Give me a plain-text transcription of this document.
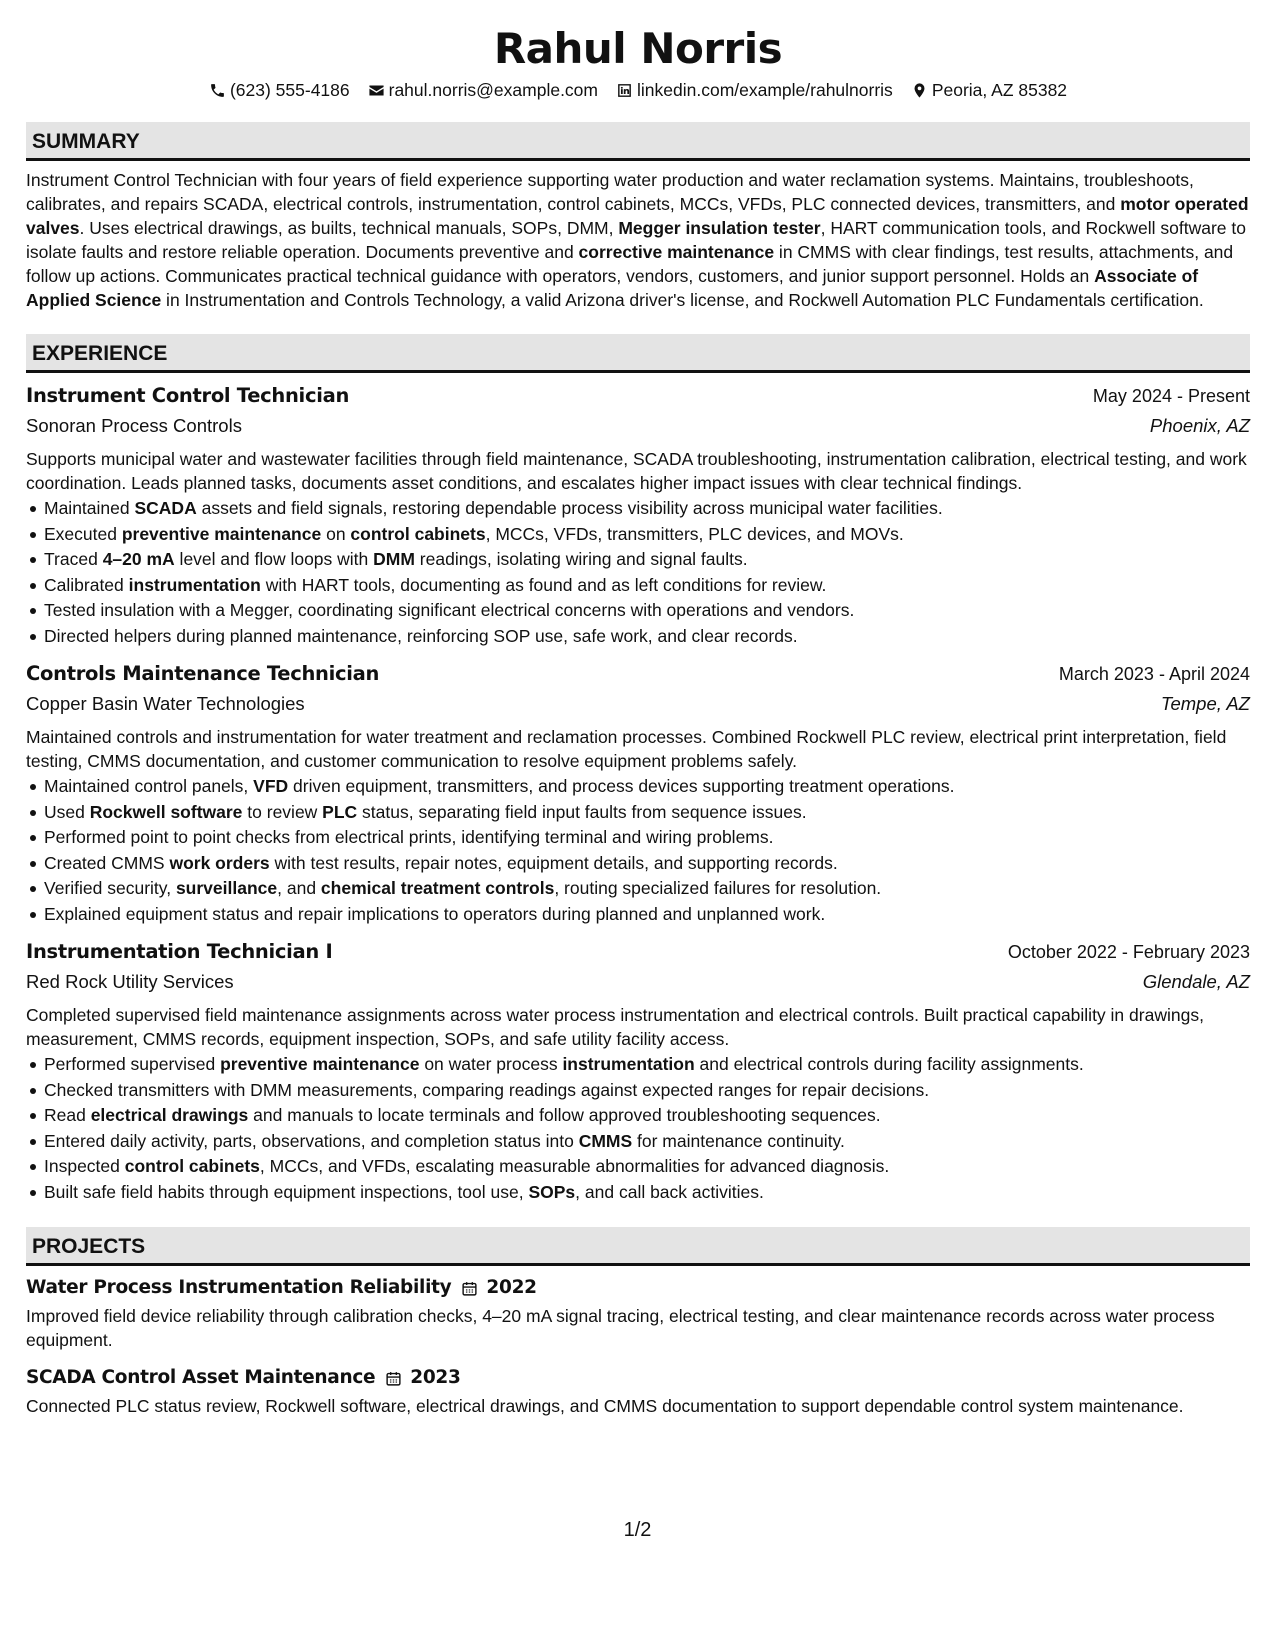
Rahul Norris
(623) 555-4186 rahul.norris@example.com linkedin.com/example/rahulnorris Peoria, AZ 85382
SUMMARY

Instrument Control Technician with four years of field experience supporting water production and water reclamation systems. Maintains, troubleshoots, calibrates, and repairs SCADA, electrical controls, instrumentation, control cabinets, MCCs, VFDs, PLC connected devices, transmitters, and motor operated valves. Uses electrical drawings, as builts, technical manuals, SOPs, DMM, Megger insulation tester, HART communication tools, and Rockwell software to isolate faults and restore reliable operation. Documents preventive and corrective maintenance in CMMS with clear findings, test results, attachments, and follow up actions. Communicates practical technical guidance with operators, vendors, customers, and junior support personnel. Holds an Associate of Applied Science in Instrumentation and Controls Technology, a valid Arizona driver's license, and Rockwell Automation PLC Fundamentals certification.

EXPERIENCE
Instrument Control Technician	May 2024 - Present
Sonoran Process Controls	Phoenix, AZ

Supports municipal water and wastewater facilities through field maintenance, SCADA troubleshooting, instrumentation calibration, electrical testing, and work coordination. Leads planned tasks, documents asset conditions, and escalates higher impact issues with clear technical findings.

Maintained SCADA assets and field signals, restoring dependable process visibility across municipal water facilities.
Executed preventive maintenance on control cabinets, MCCs, VFDs, transmitters, PLC devices, and MOVs.
Traced 4–20 mA level and flow loops with DMM readings, isolating wiring and signal faults.
Calibrated instrumentation with HART tools, documenting as found and as left conditions for review.
Tested insulation with a Megger, coordinating significant electrical concerns with operations and vendors.
Directed helpers during planned maintenance, reinforcing SOP use, safe work, and clear records.
Controls Maintenance Technician	March 2023 - April 2024
Copper Basin Water Technologies	Tempe, AZ

Maintained controls and instrumentation for water treatment and reclamation processes. Combined Rockwell PLC review, electrical print interpretation, field testing, CMMS documentation, and customer communication to resolve equipment problems safely.

Maintained control panels, VFD driven equipment, transmitters, and process devices supporting treatment operations.
Used Rockwell software to review PLC status, separating field input faults from sequence issues.
Performed point to point checks from electrical prints, identifying terminal and wiring problems.
Created CMMS work orders with test results, repair notes, equipment details, and supporting records.
Verified security, surveillance, and chemical treatment controls, routing specialized failures for resolution.
Explained equipment status and repair implications to operators during planned and unplanned work.
Instrumentation Technician I	October 2022 - February 2023
Red Rock Utility Services	Glendale, AZ

Completed supervised field maintenance assignments across water process instrumentation and electrical controls. Built practical capability in drawings, measurement, CMMS records, equipment inspection, SOPs, and safe utility facility access.

Performed supervised preventive maintenance on water process instrumentation and electrical controls during facility assignments.
Checked transmitters with DMM measurements, comparing readings against expected ranges for repair decisions.
Read electrical drawings and manuals to locate terminals and follow approved troubleshooting sequences.
Entered daily activity, parts, observations, and completion status into CMMS for maintenance continuity.
Inspected control cabinets, MCCs, and VFDs, escalating measurable abnormalities for advanced diagnosis.
Built safe field habits through equipment inspections, tool use, SOPs, and call back activities.
PROJECTS
Water Process Instrumentation Reliability 2022

Improved field device reliability through calibration checks, 4–20 mA signal tracing, electrical testing, and clear maintenance records across water process equipment.

SCADA Control Asset Maintenance 2023

Connected PLC status review, Rockwell software, electrical drawings, and CMMS documentation to support dependable control system maintenance.

1/2
